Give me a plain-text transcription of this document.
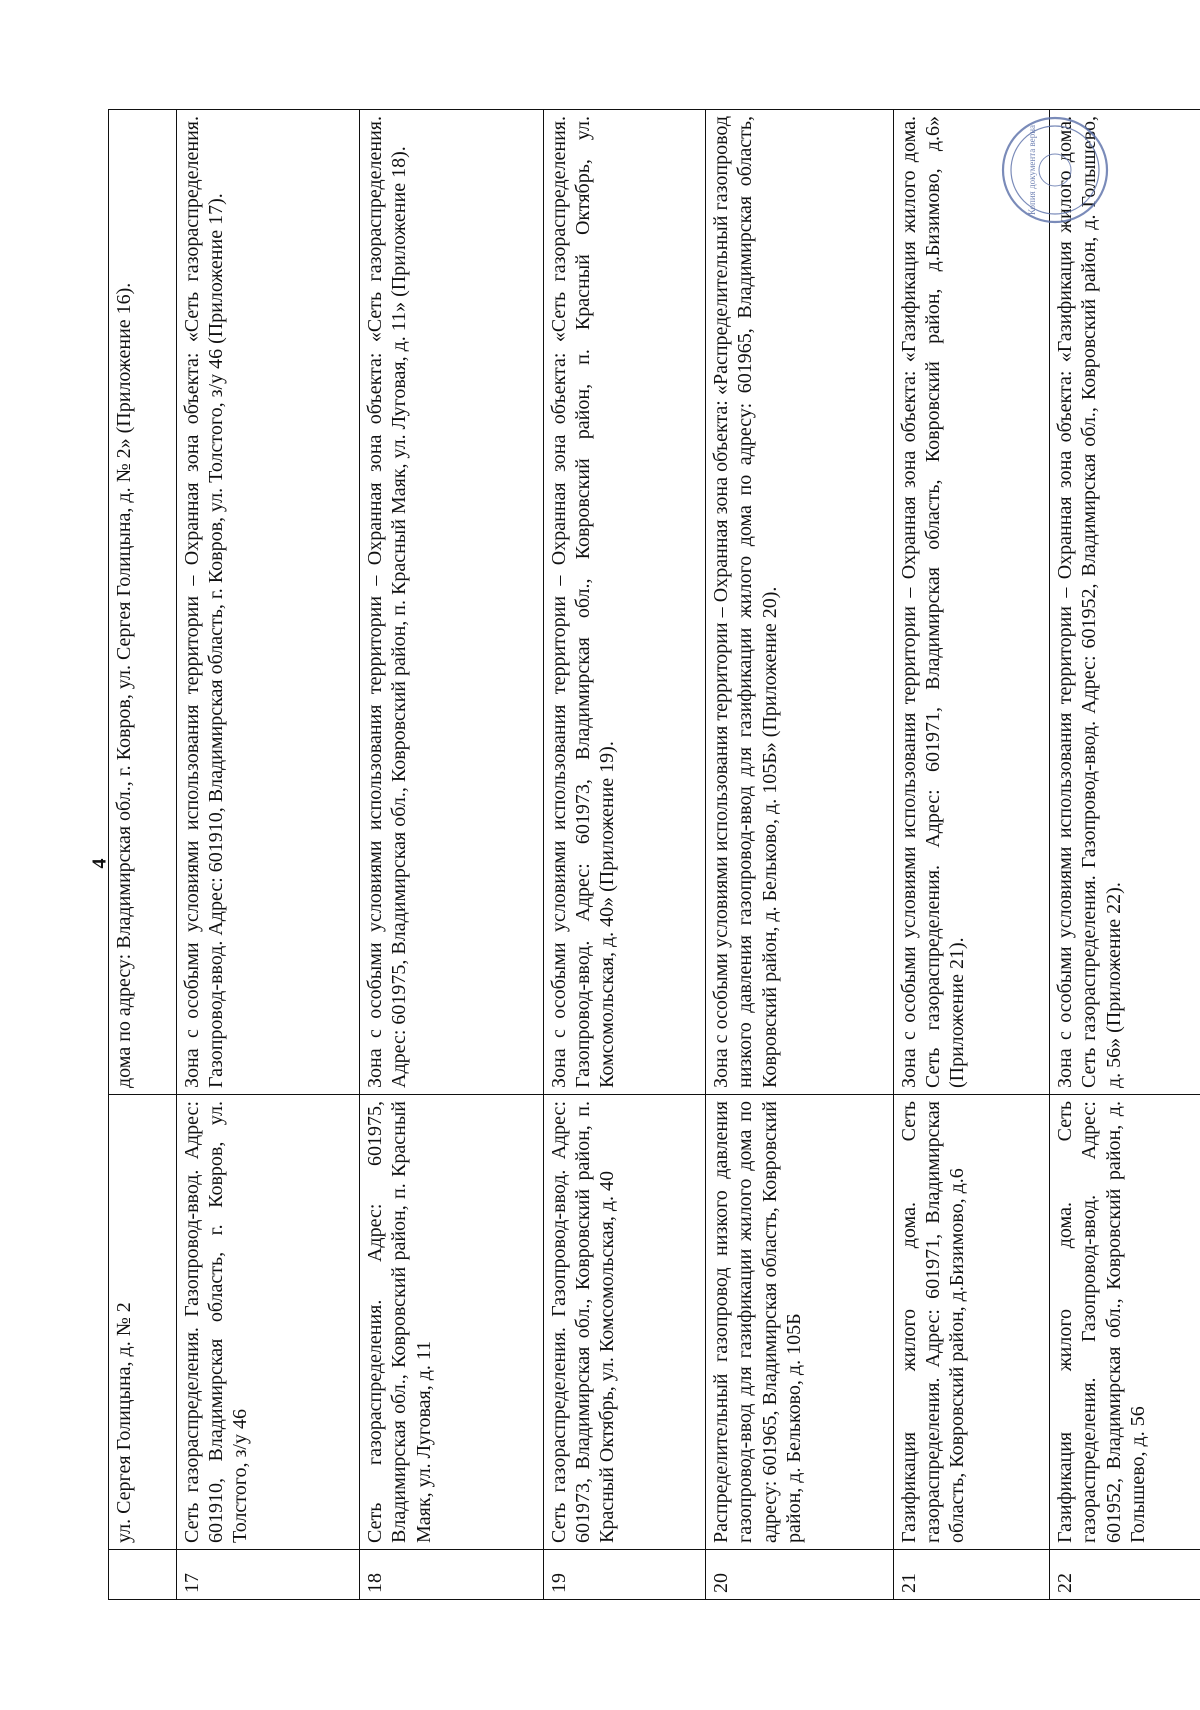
4
	ул. Сергея Голицына, д. № 2	дома по адресу: Владимирская обл., г. Ковров, ул. Сергея Голицына, д. № 2» (Приложение 16).
17	Сеть газораспределения. Газопровод-ввод. Адрес: 601910, Владимирская область, г. Ковров, ул. Толстого, з/у 46	Зона с особыми условиями использования территории – Охранная зона объекта: «Сеть газораспределения. Газопровод-ввод. Адрес: 601910, Владимирская область, г. Ковров, ул. Толстого, з/у 46 (Приложение 17).
18	Сеть газораспределения. Адрес: 601975, Владимирская обл., Ковровский район, п. Красный Маяк, ул. Луговая, д. 11	Зона с особыми условиями использования территории – Охранная зона объекта: «Сеть газораспределения. Адрес: 601975, Владимирская обл., Ковровский район, п. Красный Маяк, ул. Луговая, д. 11» (Приложение 18).
19	Сеть газораспределения. Газопровод-ввод. Адрес: 601973, Владимирская обл., Ковровский район, п. Красный Октябрь, ул. Комсомольская, д. 40	Зона с особыми условиями использования территории – Охранная зона объекта: «Сеть газораспределения. Газопровод-ввод. Адрес: 601973, Владимирская обл., Ковровский район, п. Красный Октябрь, ул. Комсомольская, д. 40» (Приложение 19).
20	Распределительный газопровод низкого давления газопровод-ввод для газификации жилого дома по адресу: 601965, Владимирская область, Ковровский район, д. Бельково, д. 105Б	Зона с особыми условиями использования территории – Охранная зона объекта: «Распределительный газопровод низкого давления газопровод-ввод для газификации жилого дома по адресу: 601965, Владимирская область, Ковровский район, д. Бельково, д. 105Б» (Приложение 20).
21	Газификация жилого дома. Сеть газораспределения. Адрес: 601971, Владимирская область, Ковровский район, д.Бизимово, д.6	Зона с особыми условиями использования территории – Охранная зона объекта: «Газификация жилого дома. Сеть газораспределения. Адрес: 601971, Владимирская область, Ковровский район, д.Бизимово, д.6» (Приложение 21).
22	Газификация жилого дома. Сеть газораспределения. Газопровод-ввод. Адрес: 601952, Владимирская обл., Ковровский район, д. Голышево, д. 56	Зона с особыми условиями использования территории – Охранная зона объекта: «Газификация жилого дома. Сеть газораспределения. Газопровод-ввод. Адрес: 601952, Владимирская обл., Ковровский район, д. Голышево, д. 56» (Приложение 22).
Копия документа верна
